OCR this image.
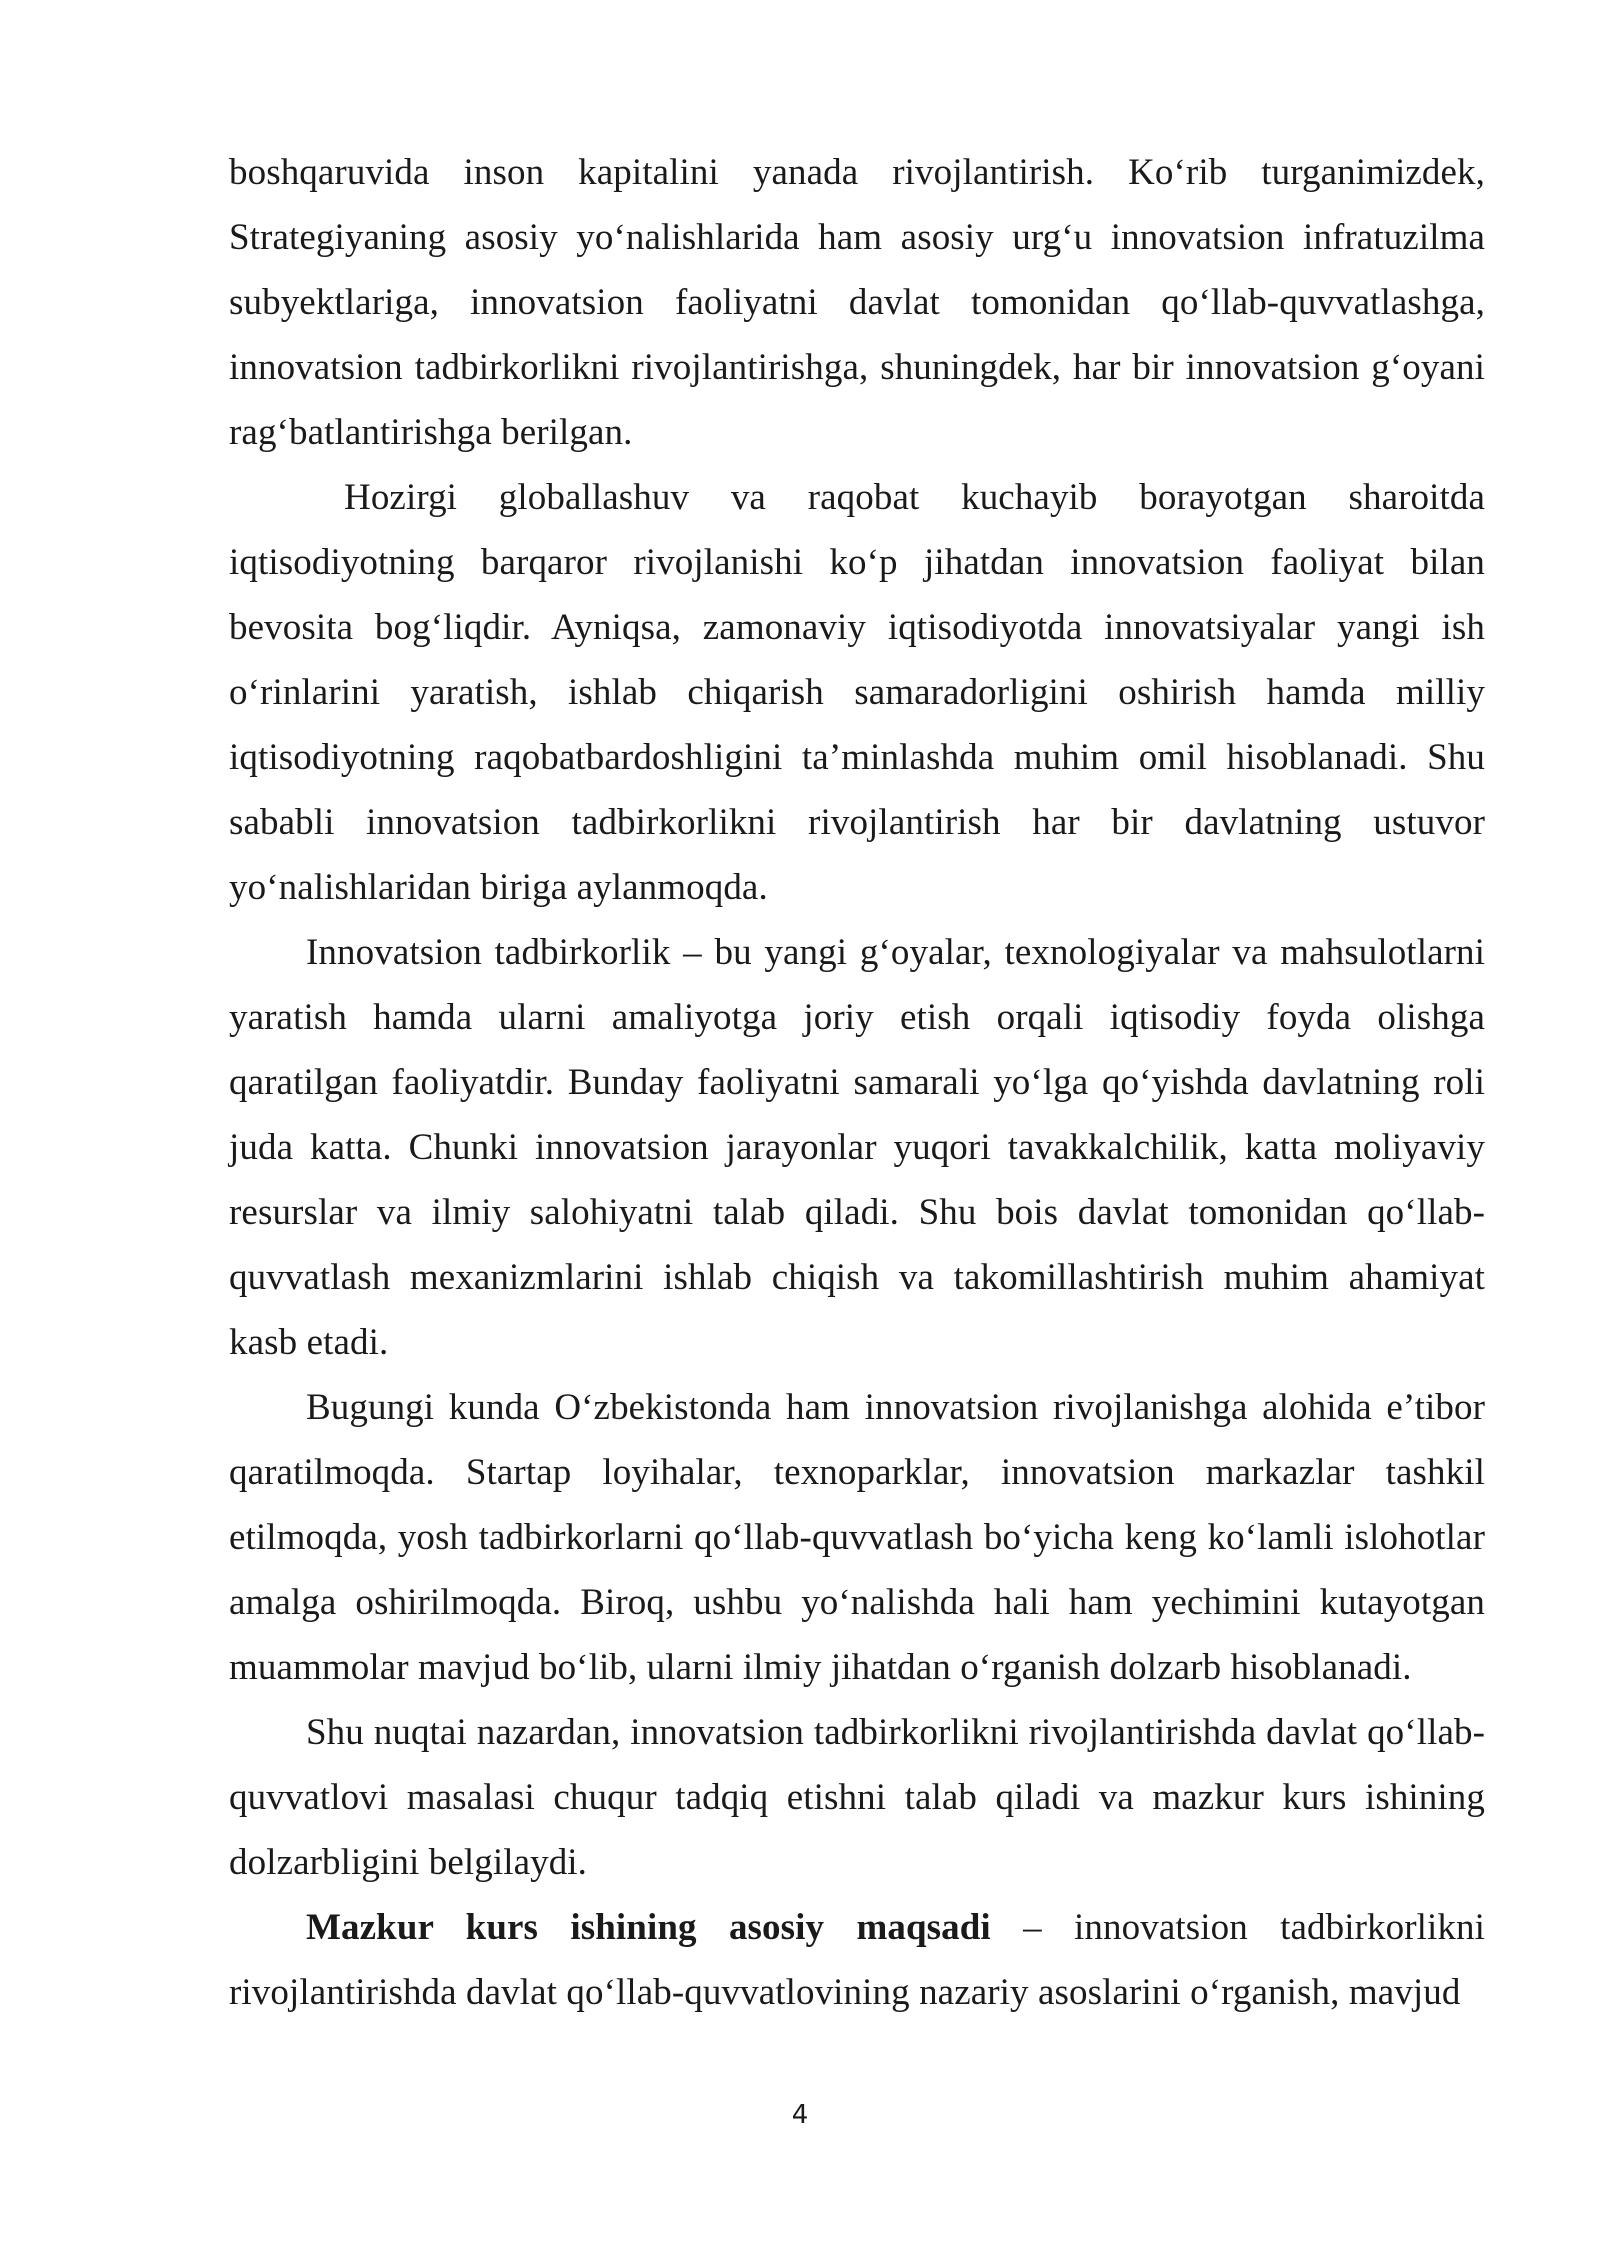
boshqaruvida inson kapitalini yanada rivojlantirish. Ko‘rib turganimizdek, Strategiyaning asosiy yo‘nalishlarida ham asosiy urg‘u innovatsion infratuzilma subyektlariga, innovatsion faoliyatni davlat tomonidan qo‘llab-quvvatlashga, innovatsion tadbirkorlikni rivojlantirishga, shuningdek, har bir innovatsion g‘oyani rag‘batlantirishga berilgan.

Hozirgi globallashuv va raqobat kuchayib borayotgan sharoitda iqtisodiyotning barqaror rivojlanishi ko‘p jihatdan innovatsion faoliyat bilan bevosita bog‘liqdir. Ayniqsa, zamonaviy iqtisodiyotda innovatsiyalar yangi ish o‘rinlarini yaratish, ishlab chiqarish samaradorligini oshirish hamda milliy iqtisodiyotning raqobatbardoshligini ta’minlashda muhim omil hisoblanadi. Shu sababli innovatsion tadbirkorlikni rivojlantirish har bir davlatning ustuvor yo‘nalishlaridan biriga aylanmoqda.

Innovatsion tadbirkorlik – bu yangi g‘oyalar, texnologiyalar va mahsulotlarni yaratish hamda ularni amaliyotga joriy etish orqali iqtisodiy foyda olishga qaratilgan faoliyatdir. Bunday faoliyatni samarali yo‘lga qo‘yishda davlatning roli juda katta. Chunki innovatsion jarayonlar yuqori tavakkalchilik, katta moliyaviy resurslar va ilmiy salohiyatni talab qiladi. Shu bois davlat tomonidan qo‘llab-quvvatlash mexanizmlarini ishlab chiqish va takomillashtirish muhim ahamiyat kasb etadi.

Bugungi kunda O‘zbekistonda ham innovatsion rivojlanishga alohida e’tibor qaratilmoqda. Startap loyihalar, texnoparklar, innovatsion markazlar tashkil etilmoqda, yosh tadbirkorlarni qo‘llab-quvvatlash bo‘yicha keng ko‘lamli islohotlar amalga oshirilmoqda. Biroq, ushbu yo‘nalishda hali ham yechimini kutayotgan muammolar mavjud bo‘lib, ularni ilmiy jihatdan o‘rganish dolzarb hisoblanadi.

Shu nuqtai nazardan, innovatsion tadbirkorlikni rivojlantirishda davlat qo‘llab-quvvatlovi masalasi chuqur tadqiq etishni talab qiladi va mazkur kurs ishining dolzarbligini belgilaydi.

Mazkur kurs ishining asosiy maqsadi – innovatsion tadbirkorlikni rivojlantirishda davlat qo‘llab-quvvatlovining nazariy asoslarini o‘rganish, mavjud

4
